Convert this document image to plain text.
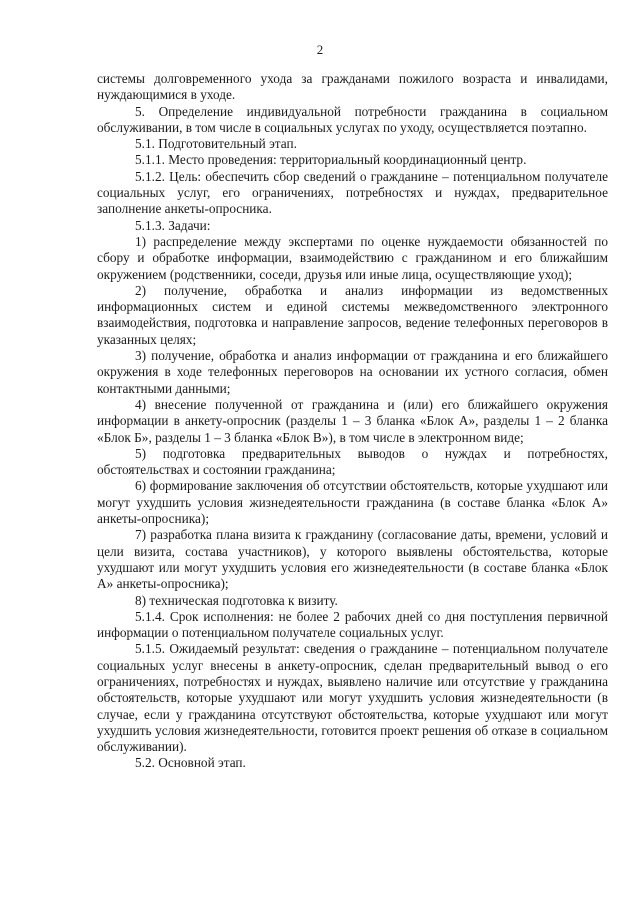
2

системы долговременного ухода за гражданами пожилого возраста и инвалидами, нуждающимися в уходе.

5. Определение индивидуальной потребности гражданина в социальном обслуживании, в том числе в социальных услугах по уходу, осуществляется поэтапно.

5.1. Подготовительный этап.

5.1.1. Место проведения: территориальный координационный центр.

5.1.2. Цель: обеспечить сбор сведений о гражданине – потенциальном получателе социальных услуг, его ограничениях, потребностях и нуждах, предварительное заполнение анкеты-опросника.

5.1.3. Задачи:

1) распределение между экспертами по оценке нуждаемости обязанностей по сбору и обработке информации, взаимодействию с гражданином и его ближайшим окружением (родственники, соседи, друзья или иные лица, осуществляющие уход);

2) получение, обработка и анализ информации из ведомственных информационных систем и единой системы межведомственного электронного взаимодействия, подготовка и направление запросов, ведение телефонных переговоров в указанных целях;

3) получение, обработка и анализ информации от гражданина и его ближайшего окружения в ходе телефонных переговоров на основании их устного согласия, обмен контактными данными;

4) внесение полученной от гражданина и (или) его ближайшего окружения информации в анкету-опросник (разделы 1 – 3 бланка «Блок А», разделы 1 – 2 бланка «Блок Б», разделы 1 – 3 бланка «Блок В»), в том числе в электронном виде;

5) подготовка предварительных выводов о нуждах и потребностях, обстоятельствах и состоянии гражданина;

6) формирование заключения об отсутствии обстоятельств, которые ухудшают или могут ухудшить условия жизнедеятельности гражданина (в составе бланка «Блок А» анкеты-опросника);

7) разработка плана визита к гражданину (согласование даты, времени, условий и цели визита, состава участников), у которого выявлены обстоятельства, которые ухудшают или могут ухудшить условия его жизнедеятельности (в составе бланка «Блок А» анкеты-опросника);

8) техническая подготовка к визиту.

5.1.4. Срок исполнения: не более 2 рабочих дней со дня поступления первичной информации о потенциальном получателе социальных услуг.

5.1.5. Ожидаемый результат: сведения о гражданине – потенциальном получателе социальных услуг внесены в анкету-опросник, сделан предварительный вывод о его ограничениях, потребностях и нуждах, выявлено наличие или отсутствие у гражданина обстоятельств, которые ухудшают или могут ухудшить условия жизнедеятельности (в случае, если у гражданина отсутствуют обстоятельства, которые ухудшают или могут ухудшить условия жизнедеятельности, готовится проект решения об отказе в социальном обслуживании).

5.2. Основной этап.
